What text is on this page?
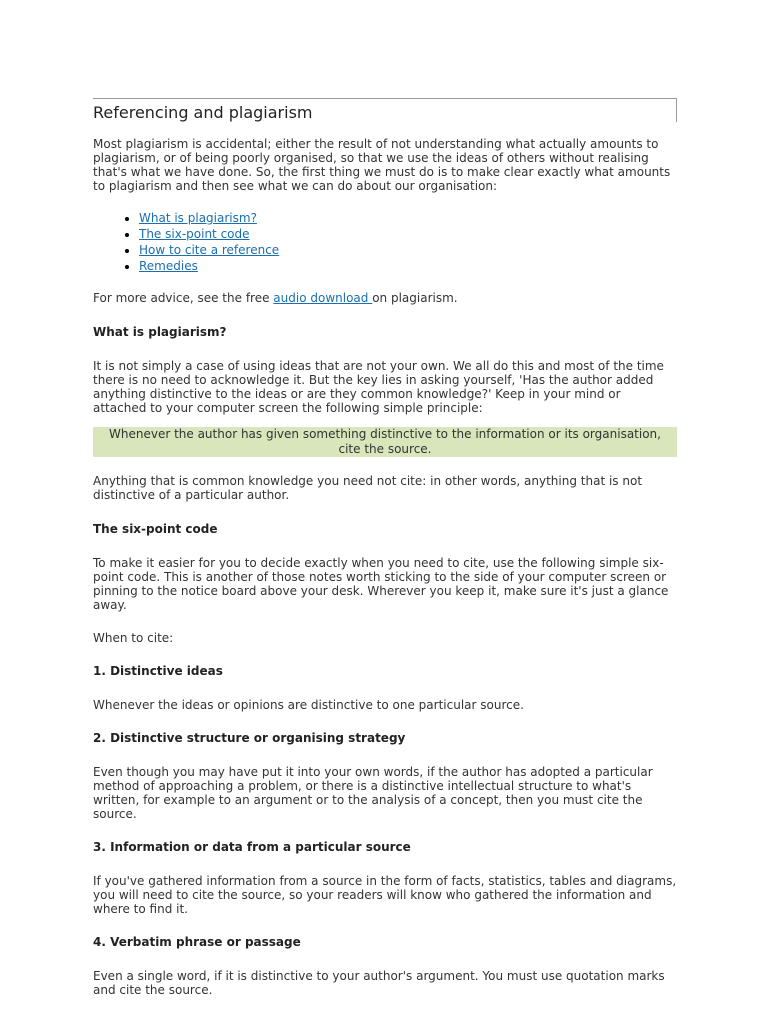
Referencing and plagiarism

Most plagiarism is accidental; either the result of not understanding what actually amounts to plagiarism, or of being poorly organised, so that we use the ideas of others without realising that's what we have done. So, the first thing we must do is to make clear exactly what amounts to plagiarism and then see what we can do about our organisation:

• What is plagiarism?
• The six-point code
• How to cite a reference
• Remedies

For more advice, see the free audio download on plagiarism.

What is plagiarism?

It is not simply a case of using ideas that are not your own. We all do this and most of the time there is no need to acknowledge it. But the key lies in asking yourself, 'Has the author added anything distinctive to the ideas or are they common knowledge?' Keep in your mind or attached to your computer screen the following simple principle:

Whenever the author has given something distinctive to the information or its organisation, cite the source.

Anything that is common knowledge you need not cite: in other words, anything that is not distinctive of a particular author.

The six-point code

To make it easier for you to decide exactly when you need to cite, use the following simple six-point code. This is another of those notes worth sticking to the side of your computer screen or pinning to the notice board above your desk. Wherever you keep it, make sure it's just a glance away.

When to cite:

1. Distinctive ideas

Whenever the ideas or opinions are distinctive to one particular source.

2. Distinctive structure or organising strategy

Even though you may have put it into your own words, if the author has adopted a particular method of approaching a problem, or there is a distinctive intellectual structure to what's written, for example to an argument or to the analysis of a concept, then you must cite the source.

3. Information or data from a particular source

If you've gathered information from a source in the form of facts, statistics, tables and diagrams, you will need to cite the source, so your readers will know who gathered the information and where to find it.

4. Verbatim phrase or passage

Even a single word, if it is distinctive to your author's argument. You must use quotation marks and cite the source.
